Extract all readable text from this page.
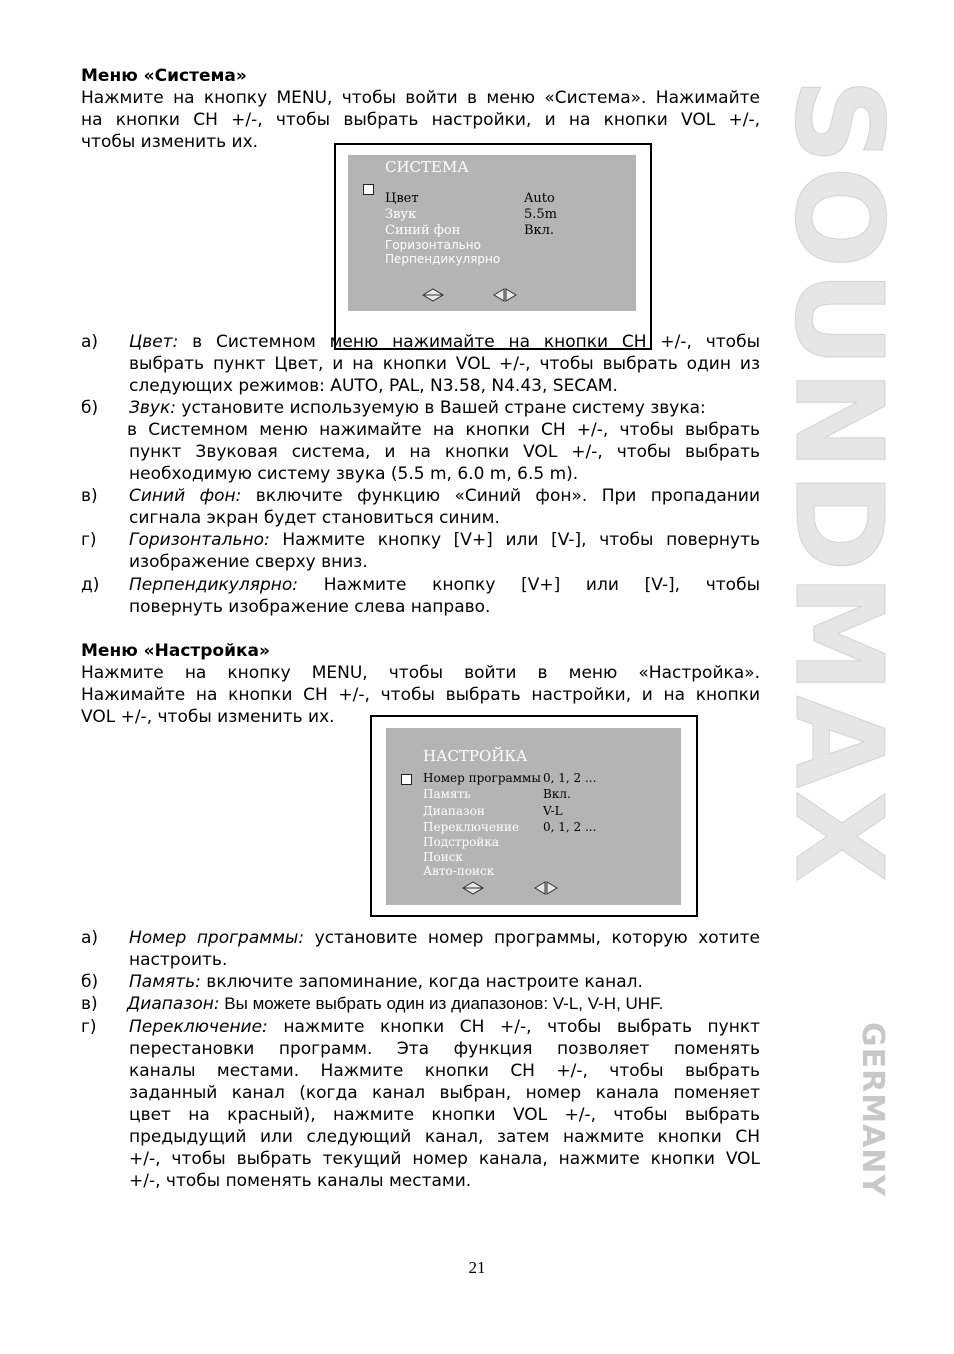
Меню «Система»
Нажмите на кнопку MENU, чтобы войти в меню «Система». Нажимайте
на кнопки CH +/-, чтобы выбрать настройки, и на кнопки VOL +/-,
чтобы изменить их.
СИСТЕМА
Цвет	Auto
Звук	5.5m
Синий фон	Вкл.
Горизонтально
Перпендикулярно
а) Цвет: в Системном меню нажимайте на кнопки CH +/-, чтобы
выбрать пункт Цвет, и на кнопки VOL +/-, чтобы выбрать один из
следующих режимов: AUTO, PAL, N3.58, N4.43, SECAM.
б) Звук: установите используемую в Вашей стране систему звука:
в Системном меню нажимайте на кнопки CH +/-, чтобы выбрать
пункт Звуковая система, и на кнопки VOL +/-, чтобы выбрать
необходимую систему звука (5.5 m, 6.0 m, 6.5 m).
в) Синий фон: включите функцию «Синий фон». При пропадании
сигнала экран будет становиться синим.
г) Горизонтально: Нажмите кнопку [V+] или [V-], чтобы повернуть
изображение сверху вниз.
д) Перпендикулярно: Нажмите кнопку [V+] или [V-], чтобы
повернуть изображение слева направо.
Меню «Настройка»
Нажмите на кнопку MENU, чтобы войти в меню «Настройка».
Нажимайте на кнопки CH +/-, чтобы выбрать настройки, и на кнопки
VOL +/-, чтобы изменить их.
НАСТРОЙКА
Номер программы 0, 1, 2 ...
Память	Вкл.
Диапазон	V-L
Переключение 0, 1, 2 ...
Подстройка
Поиск
Авто-поиск
а) Номер программы: установите номер программы, которую хотите
настроить.
б) Память: включите запоминание, когда настроите канал.
в) Диапазон: Вы можете выбрать один из диапазонов: V-L, V-H, UHF.
г) Переключение: нажмите кнопки CH +/-, чтобы выбрать пункт
перестановки программ. Эта функция позволяет поменять
каналы местами. Нажмите кнопки CH +/-, чтобы выбрать
заданный канал (когда канал выбран, номер канала поменяет
цвет на красный), нажмите кнопки VOL +/-, чтобы выбрать
предыдущий или следующий канал, затем нажмите кнопки CH
+/-, чтобы выбрать текущий номер канала, нажмите кнопки VOL
+/-, чтобы поменять каналы местами.
SOUNDMAX
GERMANY
21
